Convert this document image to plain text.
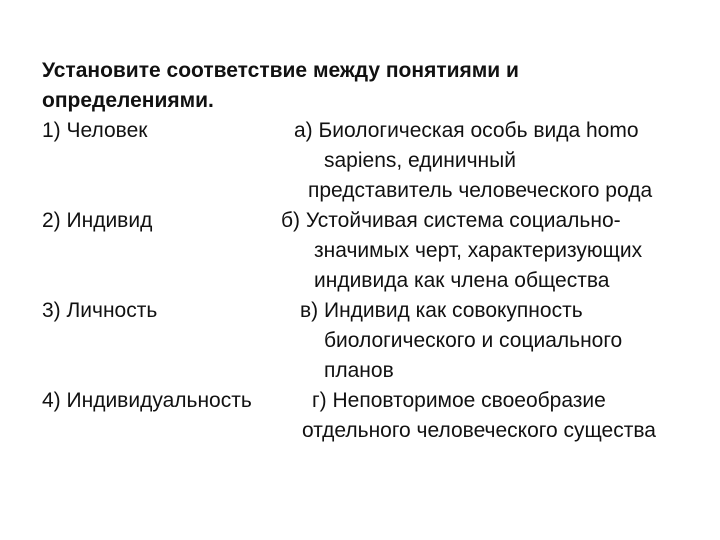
Установите соответствие между понятиями и
определениями.
1) Человек	а) Биологическая особь вида homo
sapiens, единичный
представитель человеческого рода
2) Индивид	б) Устойчивая система социально-
значимых черт, характеризующих
индивида как члена общества
3) Личность	в) Индивид как совокупность
биологического и социального
планов
4) Индивидуальность	г) Неповторимое своеобразие
отдельного человеческого существа
